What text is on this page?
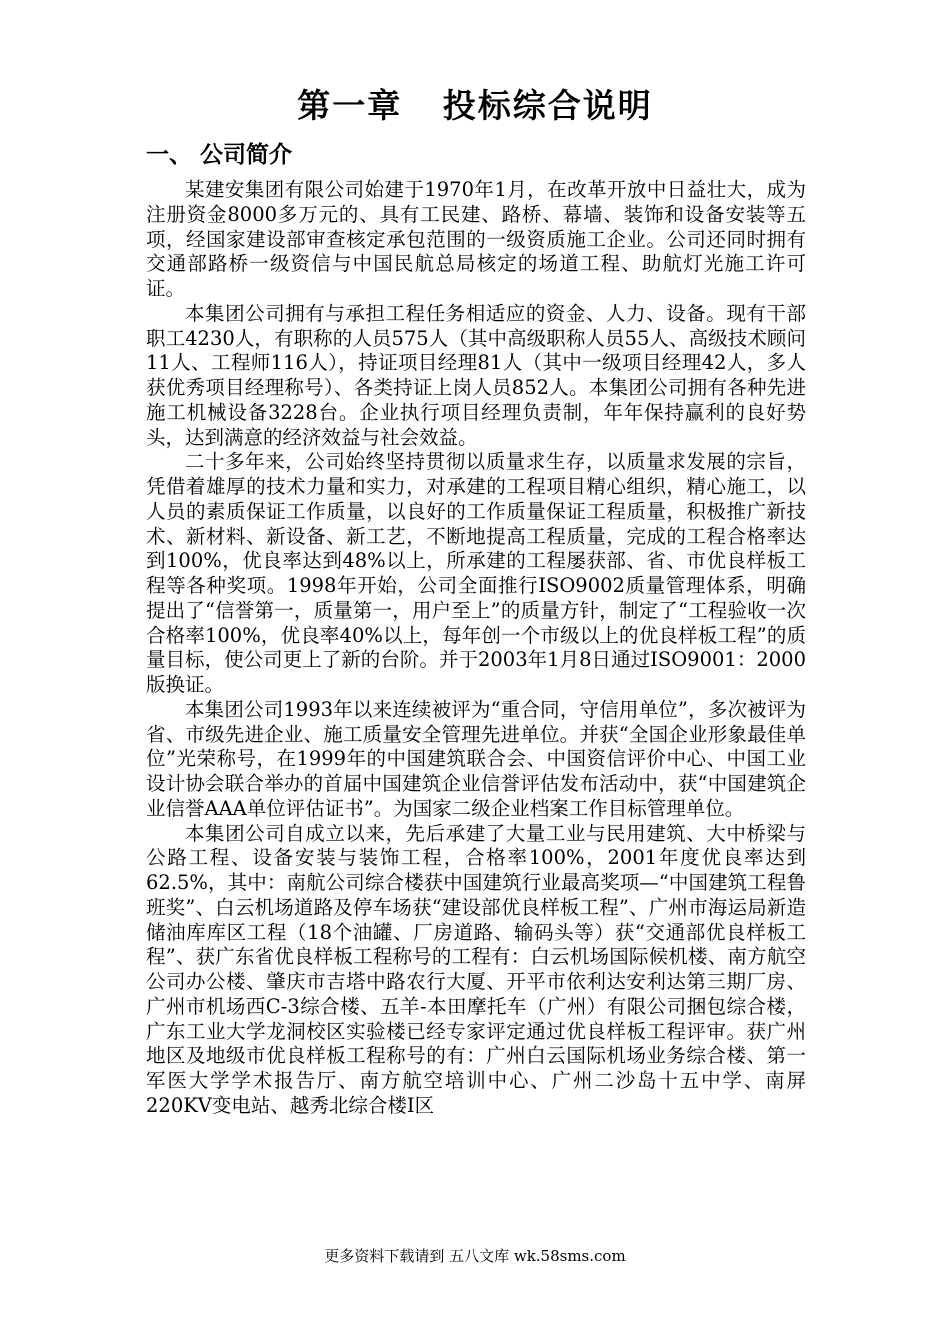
第一章   投标综合说明
一、 公司简介

某建安集团有限公司始建于1970年1月，在改革开放中日益壮大，成为注册资金8000多万元的、具有工民建、路桥、幕墙、装饰和设备安装等五项，经国家建设部审查核定承包范围的一级资质施工企业。公司还同时拥有交通部路桥一级资信与中国民航总局核定的场道工程、助航灯光施工许可证。

本集团公司拥有与承担工程任务相适应的资金、人力、设备。现有干部职工4230人，有职称的人员575人（其中高级职称人员55人、高级技术顾问11人、工程师116人），持证项目经理81人（其中一级项目经理42人，多人获优秀项目经理称号）、各类持证上岗人员852人。本集团公司拥有各种先进施工机械设备3228台。企业执行项目经理负责制，年年保持赢利的良好势头，达到满意的经济效益与社会效益。

二十多年来，公司始终坚持贯彻以质量求生存，以质量求发展的宗旨，凭借着雄厚的技术力量和实力，对承建的工程项目精心组织，精心施工，以人员的素质保证工作质量，以良好的工作质量保证工程质量，积极推广新技术、新材料、新设备、新工艺，不断地提高工程质量，完成的工程合格率达到100%，优良率达到48%以上，所承建的工程屡获部、省、市优良样板工程等各种奖项。1998年开始，公司全面推行ISO9002质量管理体系，明确提出了“信誉第一，质量第一，用户至上”的质量方针，制定了“工程验收一次合格率100%，优良率40%以上，每年创一个市级以上的优良样板工程”的质量目标，使公司更上了新的台阶。并于2003年1月8日通过ISO9001：2000版换证。

本集团公司1993年以来连续被评为“重合同，守信用单位”，多次被评为省、市级先进企业、施工质量安全管理先进单位。并获“全国企业形象最佳单位”光荣称号，在1999年的中国建筑联合会、中国资信评价中心、中国工业设计协会联合举办的首届中国建筑企业信誉评估发布活动中，获“中国建筑企业信誉AAA单位评估证书”。为国家二级企业档案工作目标管理单位。

本集团公司自成立以来，先后承建了大量工业与民用建筑、大中桥梁与公路工程、设备安装与装饰工程，合格率100%，2001年度优良率达到62.5%，其中：南航公司综合楼获中国建筑行业最高奖项—“中国建筑工程鲁班奖”、白云机场道路及停车场获“建设部优良样板工程”、广州市海运局新造储油库库区工程（18个油罐、厂房道路、输码头等）获“交通部优良样板工程”、获广东省优良样板工程称号的工程有：白云机场国际候机楼、南方航空公司办公楼、肇庆市吉塔中路农行大厦、开平市依利达安利达第三期厂房、广州市机场西C-3综合楼、五羊-本田摩托车（广州）有限公司捆包综合楼，广东工业大学龙洞校区实验楼已经专家评定通过优良样板工程评审。获广州地区及地级市优良样板工程称号的有：广州白云国际机场业务综合楼、第一军医大学学术报告厅、南方航空培训中心、广州二沙岛十五中学、南屏220KV变电站、越秀北综合楼Ⅰ区

更多资料下载请到 五八文库 wk.58sms.com
